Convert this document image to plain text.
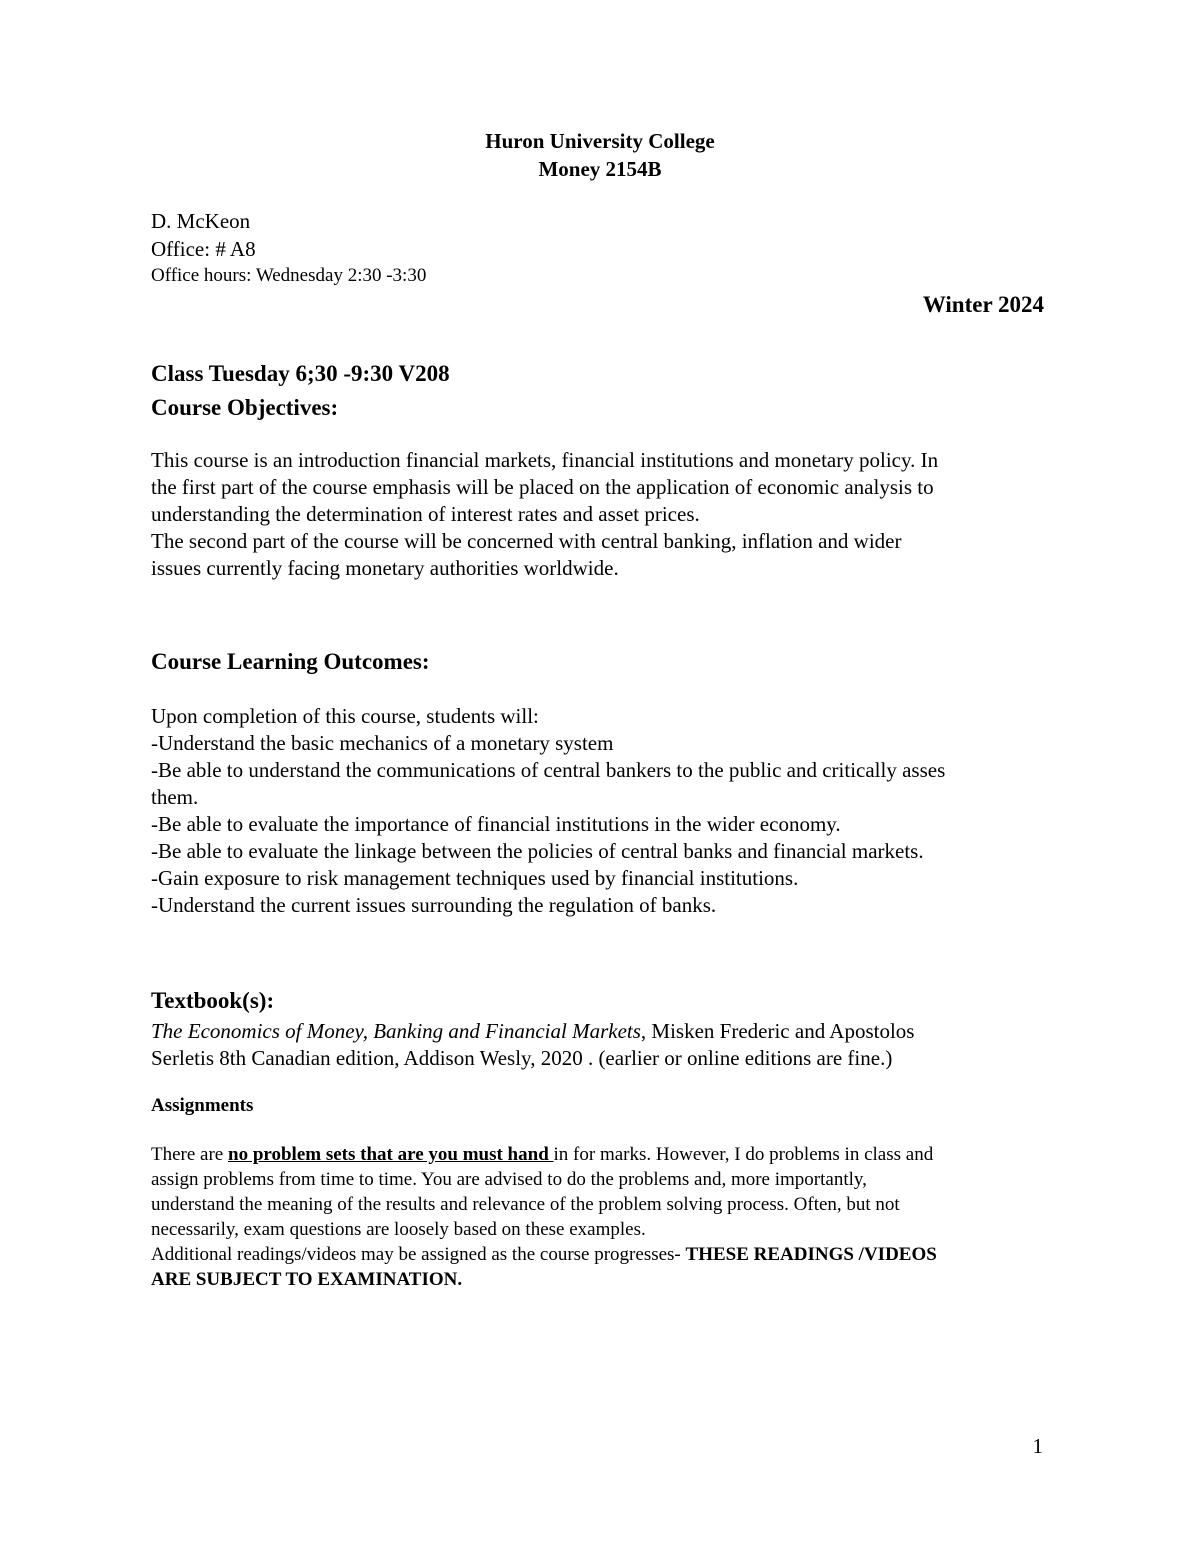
Huron University College
Money 2154B
D. McKeon
Office: # A8
Office hours: Wednesday 2:30 -3:30
Winter 2024
Class Tuesday 6;30 -9:30 V208
Course Objectives:
This course is an introduction financial markets, financial institutions and monetary policy. In
the first part of the course emphasis will be placed on the application of economic analysis to
understanding the determination of interest rates and asset prices.
The second part of the course will be concerned with central banking, inflation and wider
issues currently facing monetary authorities worldwide.
Course Learning Outcomes:
Upon completion of this course, students will:
-Understand the basic mechanics of a monetary system
-Be able to understand the communications of central bankers to the public and critically asses
them.
-Be able to evaluate the importance of financial institutions in the wider economy.
-Be able to evaluate the linkage between the policies of central banks and financial markets.
-Gain exposure to risk management techniques used by financial institutions.
-Understand the current issues surrounding the regulation of banks.
Textbook(s):
The Economics of Money, Banking and Financial Markets, Misken Frederic and Apostolos
Serletis 8th Canadian edition, Addison Wesly, 2020 . (earlier or online editions are fine.)
Assignments
There are no problem sets that are you must hand in for marks. However, I do problems in class and
assign problems from time to time. You are advised to do the problems and, more importantly,
understand the meaning of the results and relevance of the problem solving process. Often, but not
necessarily, exam questions are loosely based on these examples.
Additional readings/videos may be assigned as the course progresses- THESE READINGS /VIDEOS
ARE SUBJECT TO EXAMINATION.
1
